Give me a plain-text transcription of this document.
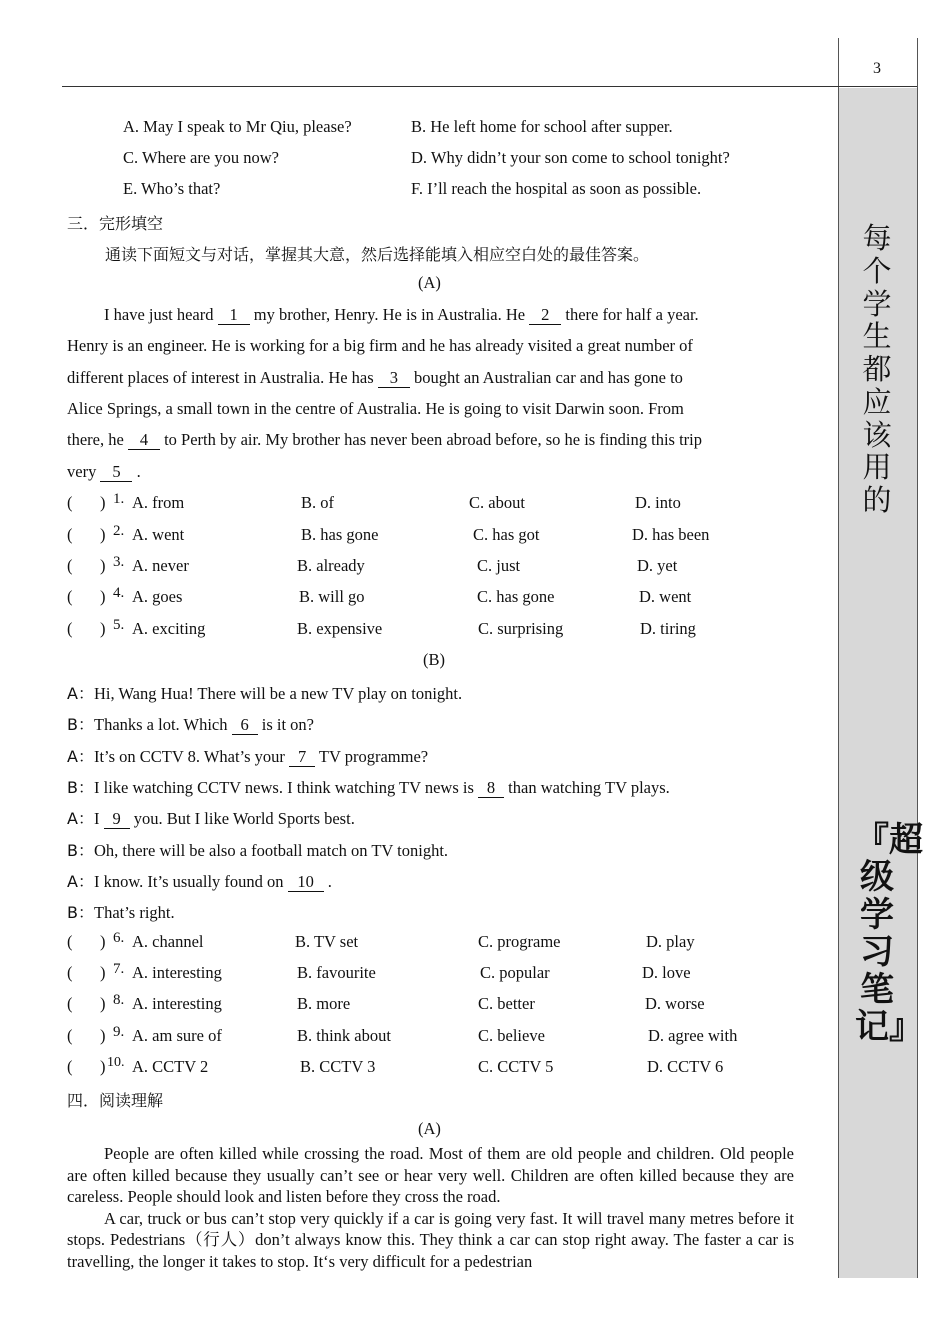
3
每个学生都应该用的
『超级学习笔记』
A. May I speak to Mr Qiu, please?	B. He left home for school after supper.
C. Where are you now?	D. Why didn’t your son come to school tonight?
E. Who’s that?	F. I’ll reach the hospital as soon as possible.
三．完形填空
通读下面短文与对话，掌握其大意，然后选择能填入相应空白处的最佳答案。
(A)
I have just heard 1 my brother, Henry. He is in Australia. He 2 there for half a year.
Henry is an engineer. He is working for a big firm and he has already visited a great number of
different places of interest in Australia. He has 3 bought an Australian car and has gone to
Alice Springs, a small town in the centre of Australia. He is going to visit Darwin soon. From
there, he 4 to Perth by air. My brother has never been abroad before, so he is finding this trip
very 5 .
( ) 1. A. from	B. of	C. about	D. into
( ) 2. A. went	B. has gone	C. has got	D. has been
( ) 3. A. never	B. already	C. just	D. yet
( ) 4. A. goes	B. will go	C. has gone	D. went
( ) 5. A. exciting	B. expensive	C. surprising	D. tiring
(B)
A：Hi, Wang Hua! There will be a new TV play on tonight.
B：Thanks a lot. Which 6 is it on?
A：It’s on CCTV 8. What’s your 7 TV programme?
B：I like watching CCTV news. I think watching TV news is 8 than watching TV plays.
A：I 9 you. But I like World Sports best.
B：Oh, there will be also a football match on TV tonight.
A：I know. It’s usually found on 10 .
B：That’s right.
( ) 6. A. channel	B. TV set	C. programe	D. play
( ) 7. A. interesting	B. favourite	C. popular	D. love
( ) 8. A. interesting	B. more	C. better	D. worse
( ) 9. A. am sure of	B. think about	C. believe	D. agree with
( ) 10. A. CCTV 2	B. CCTV 3	C. CCTV 5	D. CCTV 6
四．阅读理解
(A)

People are often killed while crossing the road. Most of them are old people and children. Old people are often killed because they usually can’t see or hear very well. Children are often killed because they are careless. People should look and listen before they cross the road.

A car, truck or bus can’t stop very quickly if a car is going very fast. It will travel many metres before it stops. Pedestrians（行人）don’t always know this. They think a car can stop right away. The faster a car is travelling, the longer it takes to stop. It‘s very difficult for a pedestrian
